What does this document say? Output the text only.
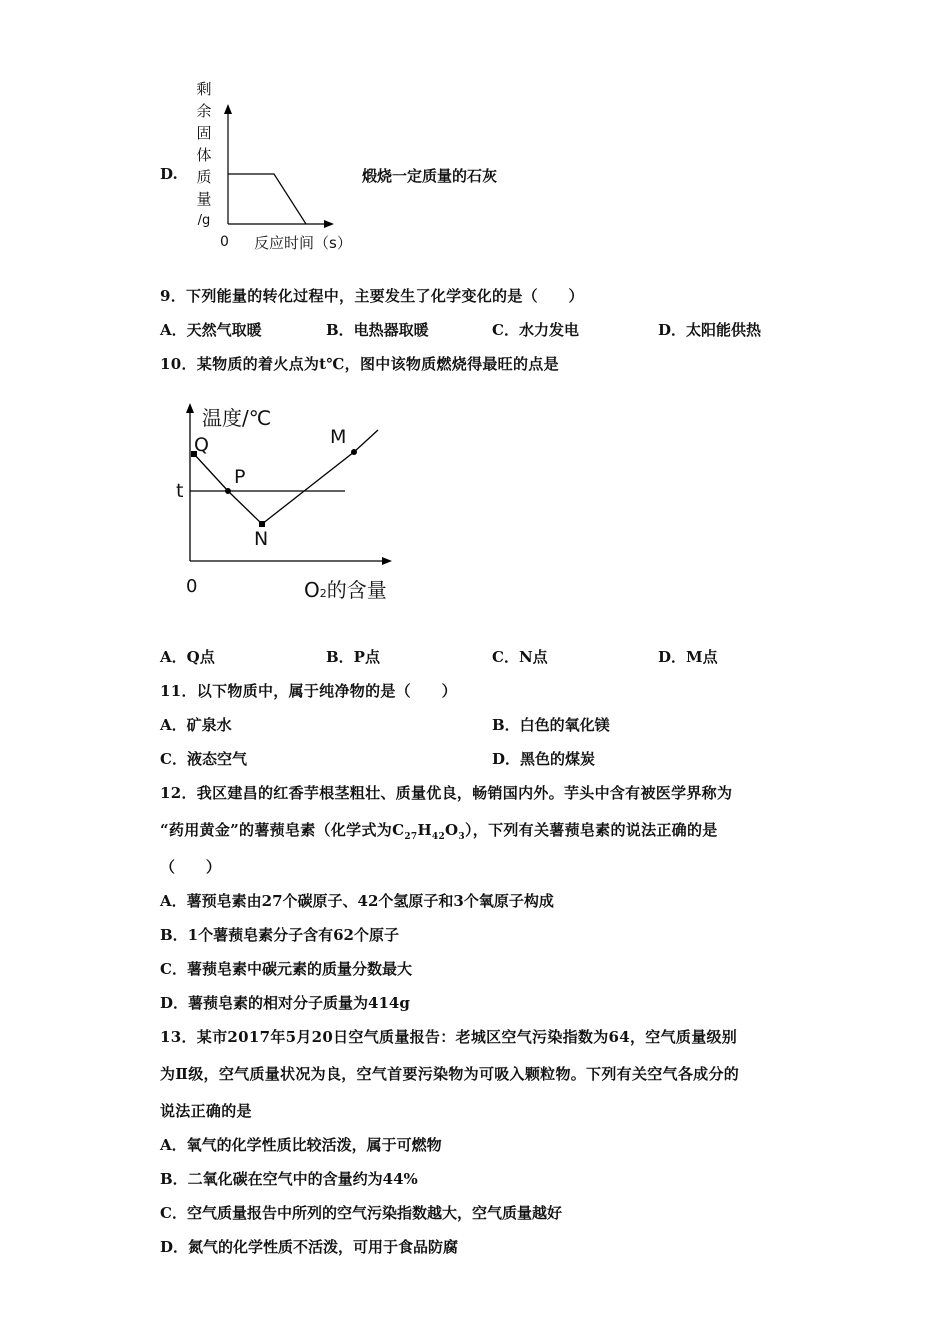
D.
剩
余
固
体
质
量
/g
0 反应时间（s）
煅烧一定质量的石灰
9．下列能量的转化过程中，主要发生了化学变化的是（　　）
A．天然气取暖	B．电热器取暖	C．水力发电	D．太阳能供热
10．某物质的着火点为t℃，图中该物质燃烧得最旺的点是
温度/℃
Q
P
N
M
t
0	O2的含量
A．Q点	B．P点	C．N点	D．M点
11．以下物质中，属于纯净物的是（　　）
A．矿泉水	B．白色的氧化镁
C．液态空气	D．黑色的煤炭
12．我区建昌的红香芋根茎粗壮、质量优良，畅销国内外。芋头中含有被医学界称为
“药用黄金”的薯蓣皂素（化学式为$C_{27}H_{42}O_3$），下列有关薯蓣皂素的说法正确的是
（　　）
A．薯预皂素由27个碳原子、42个氢原子和3个氧原子构成
B．1个薯蓣皂素分子含有62个原子
C．薯蓣皂素中碳元素的质量分数最大
D．薯蓣皂素的相对分子质量为414g
13．某市2017年5月20日空气质量报告：老城区空气污染指数为64，空气质量级别
为Ⅱ级，空气质量状况为良，空气首要污染物为可吸入颗粒物。下列有关空气各成分的
说法正确的是
A．氧气的化学性质比较活泼，属于可燃物
B．二氧化碳在空气中的含量约为44%
C．空气质量报告中所列的空气污染指数越大，空气质量越好
D．氮气的化学性质不活泼，可用于食品防腐
